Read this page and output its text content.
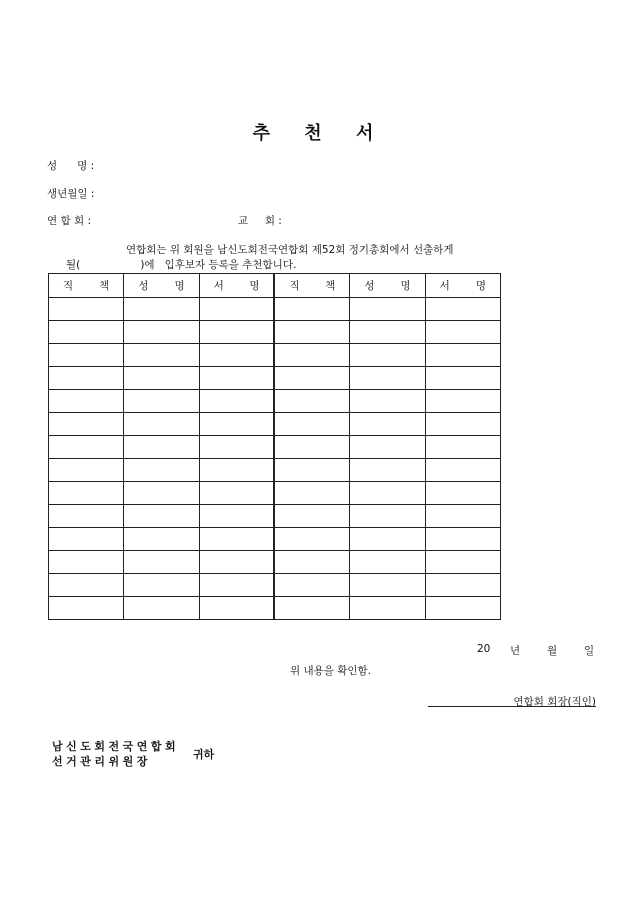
추 천 서
성      명 :
생년월일 :
연 합 회 :	교     회 :
연합회는 위 회원을 남신도회전국연합회 제52회 정기총회에서 선출하게
될(                  )에   입후보자 등록을 추천합니다.
직 책	성 명	서 명	직 책	성 명	서 명

20 년	월	일
위 내용을 확인함.
연합회 회장(직인)
남신도회전국연합회
선거관리위원장
귀하
